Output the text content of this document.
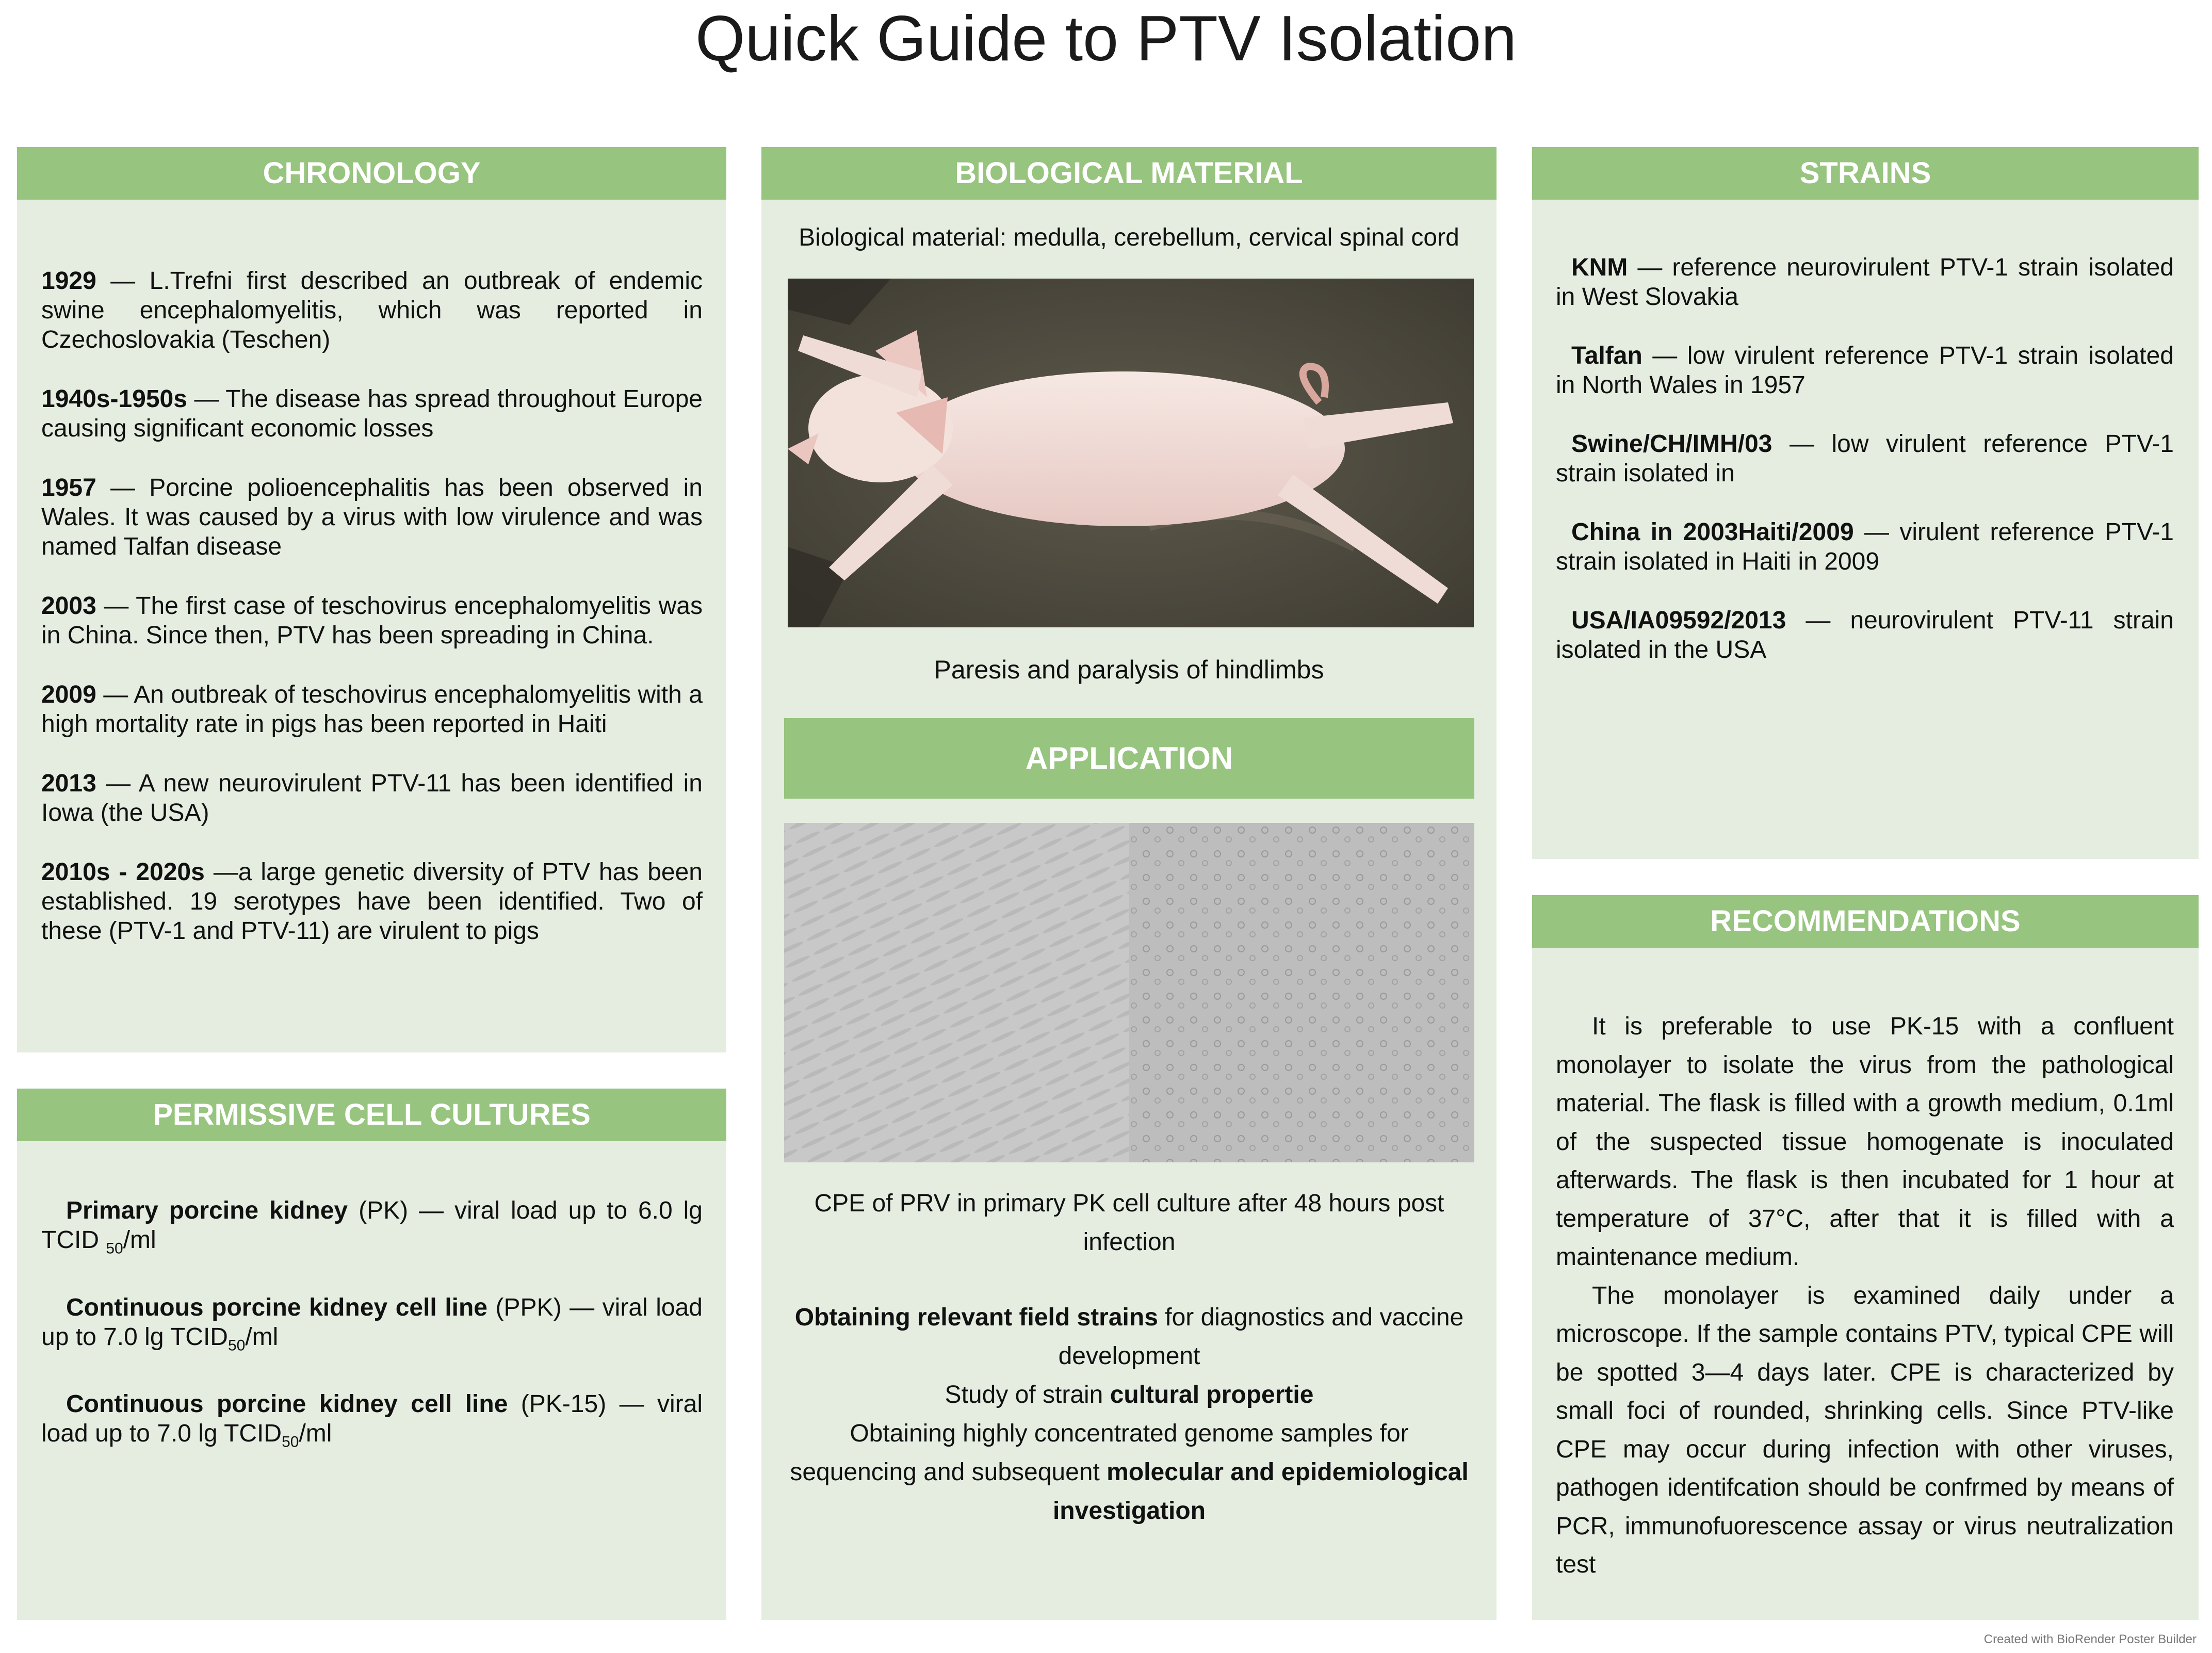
Quick Guide to PTV Isolation
CHRONOLOGY

1929 — L.Trefni first described an outbreak of endemic swine encephalomyelitis, which was reported in Czechoslovakia (Teschen)

1940s-1950s — The disease has spread throughout Europe causing significant economic losses

1957 — Porcine polioencephalitis has been observed in Wales. It was caused by a virus with low virulence and was named Talfan disease

2003 — The first case of teschovirus encephalomyelitis was in China. Since then, PTV has been spreading in China.

2009 — An outbreak of teschovirus encephalomyelitis with a high mortality rate in pigs has been reported in Haiti

2013 — A new neurovirulent PTV-11 has been identified in Iowa (the USA)

2010s - 2020s —a large genetic diversity of PTV has been established. 19 serotypes have been identified. Two of these (PTV-1 and PTV-11) are virulent to pigs

PERMISSIVE CELL CULTURES

Primary porcine kidney (PK) — viral load up to 6.0 lg TCID $_{50}$/ml

Continuous porcine kidney cell line (PPK) — viral load up to 7.0 $\lg TCID_{50}/ml$

Continuous porcine kidney cell line (PK-15) — viral load up to 7.0 $\lg TCID_{50}/ml$

BIOLOGICAL MATERIAL
Biological material: medulla, cerebellum, cervical spinal cord
Paresis and paralysis of hindlimbs
APPLICATION
CPE of PRV in primary PK cell culture after 48 hours post infection
Obtaining relevant field strains for diagnostics and vaccine development
Study of strain cultural propertie
Obtaining highly concentrated genome samples for sequencing and subsequent molecular and epidemiological investigation
STRAINS

KNM — reference neurovirulent PTV-1 strain isolated in West Slovakia

Talfan — low virulent reference PTV-1 strain isolated in North Wales in 1957

Swine/CH/IMH/03 — low virulent reference PTV-1 strain isolated in

China in 2003Haiti/2009 — virulent reference PTV-1 strain isolated in Haiti in 2009

USA/IA09592/2013 — neurovirulent PTV-11 strain isolated in the USA

RECOMMENDATIONS

It is preferable to use PK-15 with a confluent monolayer to isolate the virus from the pathological material. The flask is filled with a growth medium, 0.1ml of the suspected tissue homogenate is inoculated afterwards. The flask is then incubated for 1 hour at temperature of 37°C, after that it is filled with a maintenance medium.

The monolayer is examined daily under a microscope. If the sample contains PTV, typical CPE will be spotted 3—4 days later. CPE is characterized by small foci of rounded, shrinking cells. Since PTV-like CPE may occur during infection with other viruses, pathogen identifcation should be confrmed by means of PCR, immunofuorescence assay or virus neutralization test

Created with BioRender Poster Builder
